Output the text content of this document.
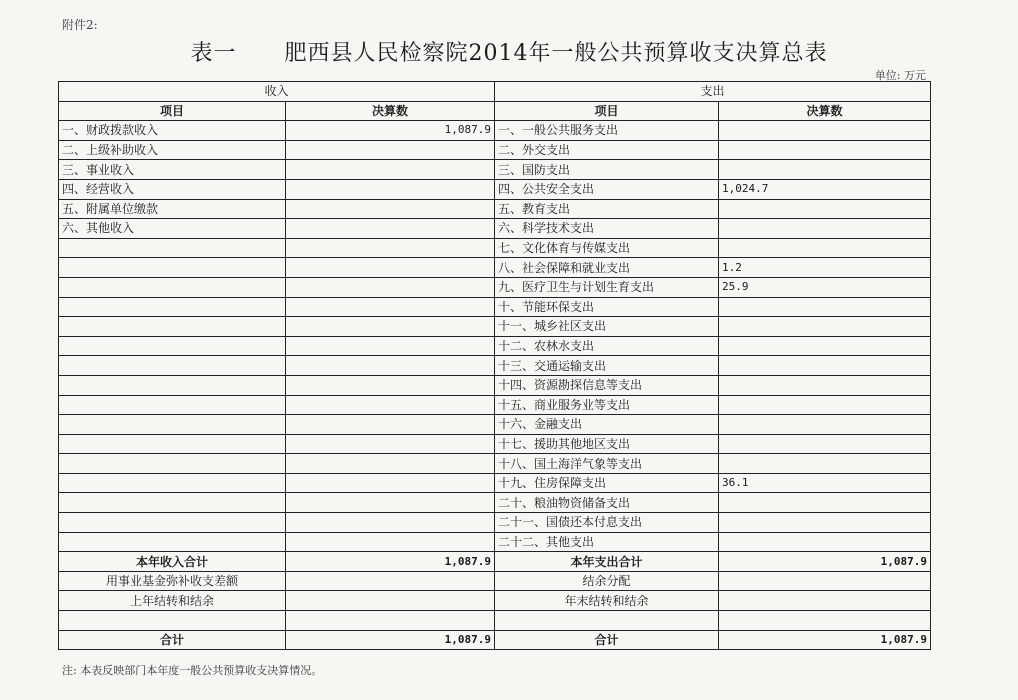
附件2:
表一 肥西县人民检察院2014年一般公共预算收支决算总表
单位: 万元
收入		支出	
项目	决算数	项目	决算数
一、财政拨款收入	1,087.9	一、一般公共服务支出	
二、上级补助收入		二、外交支出	
三、事业收入		三、国防支出	
四、经营收入		四、公共安全支出	1,024.7
五、附属单位缴款		五、教育支出	
六、其他收入		六、科学技术支出	
		七、文化体育与传媒支出	
		八、社会保障和就业支出	1.2
		九、医疗卫生与计划生育支出	25.9
		十、节能环保支出	
		十一、城乡社区支出	
		十二、农林水支出	
		十三、交通运输支出	
		十四、资源勘探信息等支出	
		十五、商业服务业等支出	
		十六、金融支出	
		十七、援助其他地区支出	
		十八、国土海洋气象等支出	
		十九、住房保障支出	36.1
		二十、粮油物资储备支出	
		二十一、国债还本付息支出	
		二十二、其他支出	
本年收入合计	1,087.9	本年支出合计	1,087.9
用事业基金弥补收支差额		结余分配	
上年结转和结余		年末结转和结余	

合计	1,087.9	合计	1,087.9
注: 本表反映部门本年度一般公共预算收支决算情况。
